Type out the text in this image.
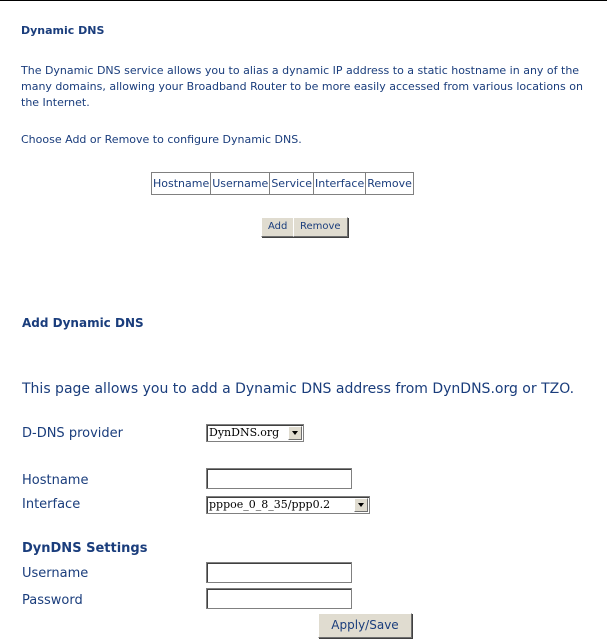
Dynamic DNS
The Dynamic DNS service allows you to alias a dynamic IP address to a static hostname in any of the many domains, allowing your Broadband Router to be more easily accessed from various locations on the Internet.
Choose Add or Remove to configure Dynamic DNS.
Hostname	Username	Service	Interface	Remove
Add	Remove
Add Dynamic DNS
This page allows you to add a Dynamic DNS address from DynDNS.org or TZO.
D-DNS provider	DynDNS.org
Hostname
Interface	pppoe_0_8_35/ppp0.2
DynDNS Settings
Username
Password
Apply/Save
